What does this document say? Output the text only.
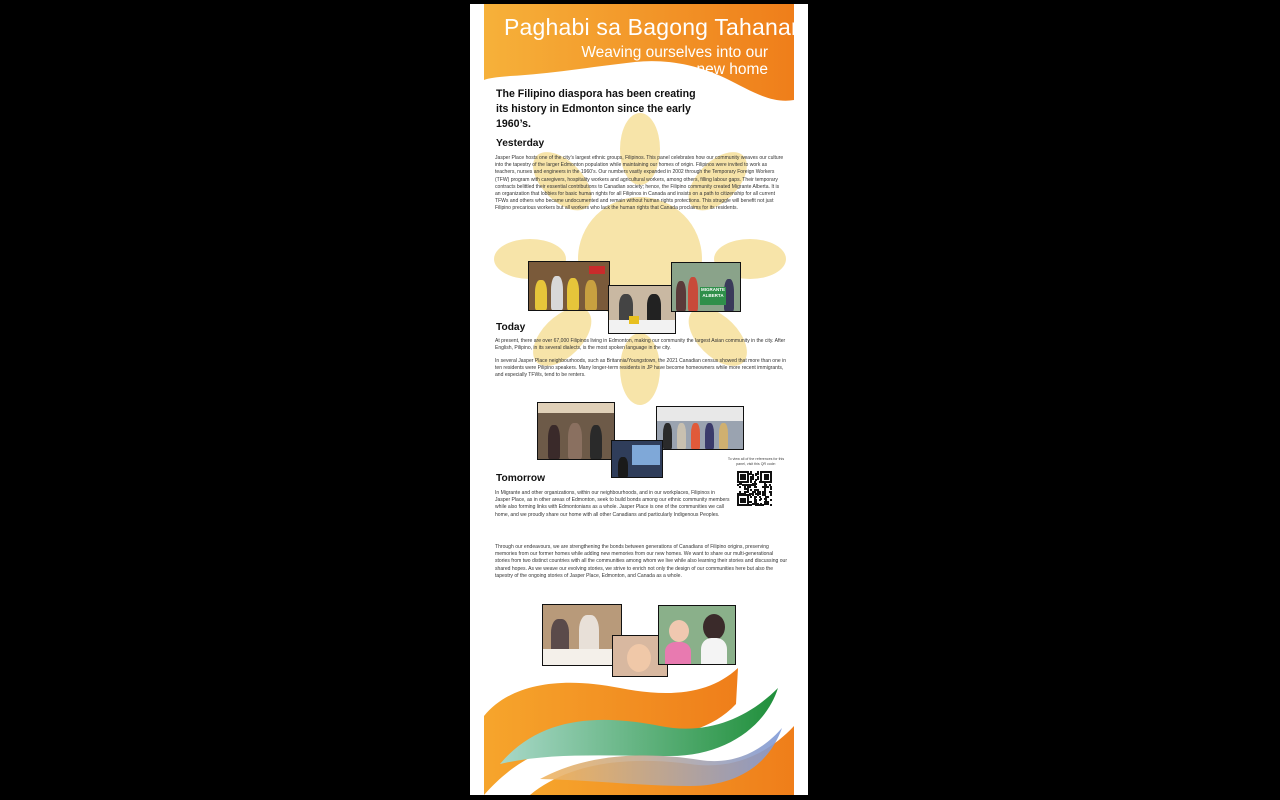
Paghabi sa Bagong Tahanan
Weaving ourselves into our new home
The Filipino diaspora has been creating its history in Edmonton since the early 1960’s.
Yesterday
Jasper Place hosts one of the city’s largest ethnic groups, Filipinos. This panel celebrates how our community weaves our culture into the tapestry of the larger Edmonton population while maintaining our homes of origin. Filipinos were invited to work as teachers, nurses and engineers in the 1960’s. Our numbers vastly expanded in 2002 through the Temporary Foreign Workers (TFW) program with caregivers, hospitality workers and agricultural workers, among others, filling labour gaps. Their temporary contracts belittled their essential contributions to Canadian society; hence, the Filipino community created Migrante Alberta. It is an organization that lobbies for basic human rights for all Filipinos in Canada and insists on a path to citizenship for all current TFWs and others who became undocumented and remain without human rights protections. This struggle will benefit not just Filipino precarious workers but all workers who lack the human rights that Canada proclaims for its residents.
MIGRANTE ALBERTA
Today
At present, there are over 67,000 Filipinos living in Edmonton, making our community the largest Asian community in the city. After English, Pilipino, in its several dialects, is the most spoken language in the city.
In several Jasper Place neighbourhoods, such as Britannia/Youngstown, the 2021 Canadian census showed that more than one in ten residents were Pilipino speakers. Many longer-term residents in JP have become homeowners while more recent immigrants, and especially TFWs, tend to be renters.
To view all of the references for this panel, visit this QR code:
Tomorrow
In Migrante and other organizations, within our neighbourhoods, and in our workplaces, Filipinos in Jasper Place, as in other areas of Edmonton, seek to build bonds among our ethnic community members while also forming links with Edmontonians as a whole. Jasper Place is one of the communities we call home, and we proudly share our home with all other Canadians and particularly Indigenous Peoples.
Through our endeavours, we are strengthening the bonds between generations of Canadians of Filipino origins, preserving memories from our former homes while adding new memories from our new homes. We want to share our multi-generational stories from two distinct countries with all the communities among whom we live while also learning their stories and discussing our shared hopes. As we weave our evolving stories, we strive to enrich not only the design of our communities here but also the tapestry of the ongoing stories of Jasper Place, Edmonton, and Canada as a whole.
